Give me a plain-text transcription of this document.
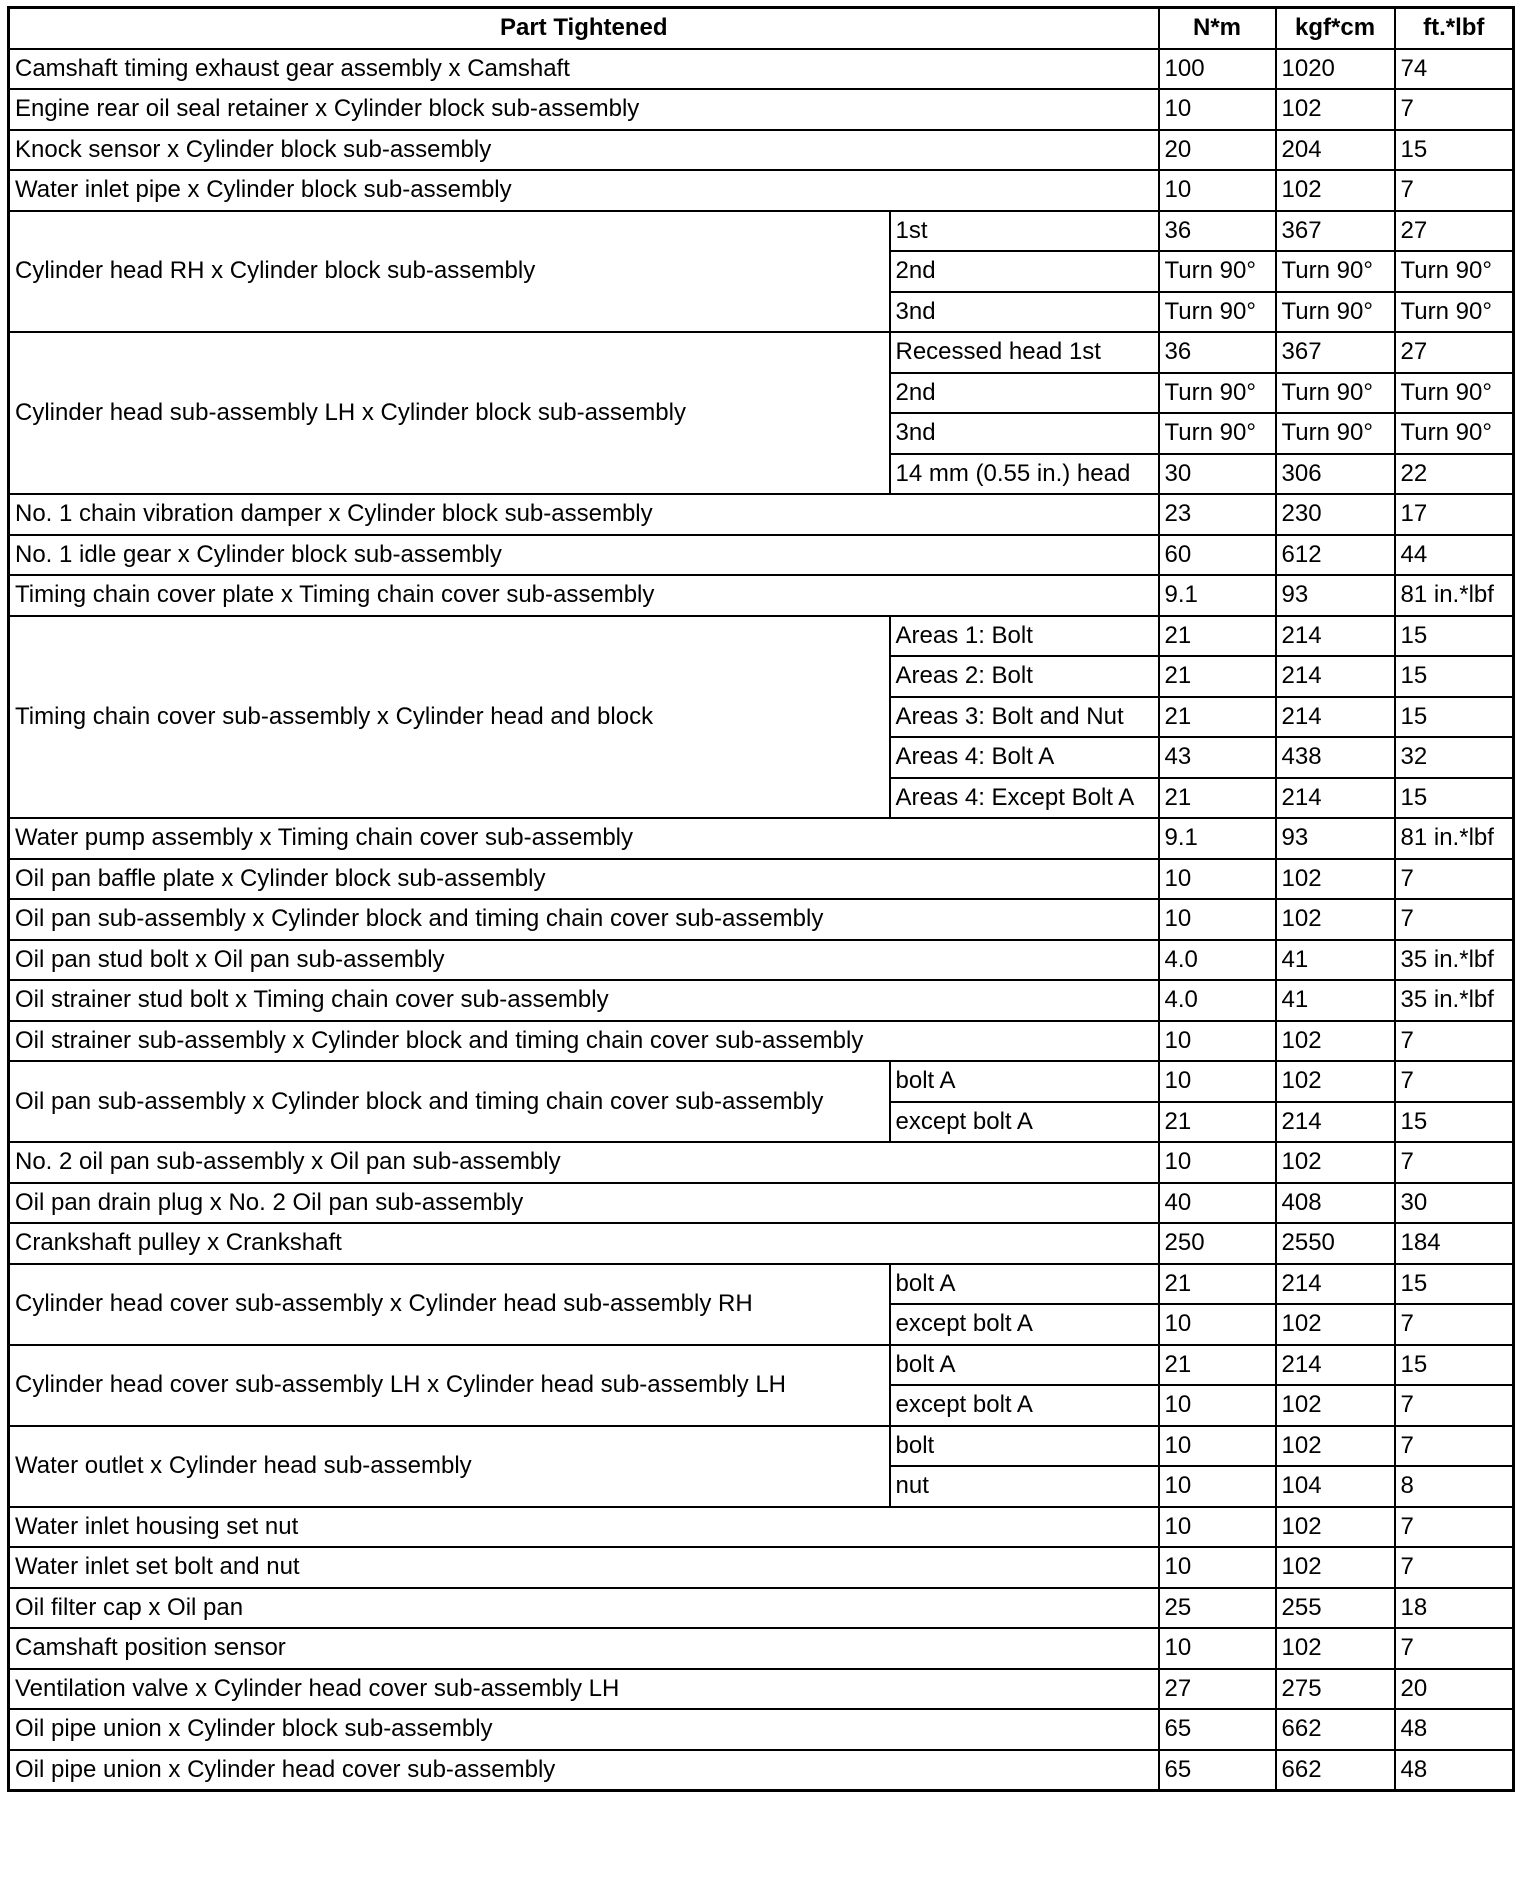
Part Tightened		N*m	kgf*cm	ft.*lbf
Camshaft timing exhaust gear assembly x Camshaft		100	1020	74
Engine rear oil seal retainer x Cylinder block sub-assembly		10	102	7
Knock sensor x Cylinder block sub-assembly		20	204	15
Water inlet pipe x Cylinder block sub-assembly		10	102	7
Cylinder head RH x Cylinder block sub-assembly	1st	36	367	27
	2nd	Turn 90°	Turn 90°	Turn 90°
	3nd	Turn 90°	Turn 90°	Turn 90°
Cylinder head sub-assembly LH x Cylinder block sub-assembly	Recessed head 1st	36	367	27
	2nd	Turn 90°	Turn 90°	Turn 90°
	3nd	Turn 90°	Turn 90°	Turn 90°
	14 mm (0.55 in.) head	30	306	22
No. 1 chain vibration damper x Cylinder block sub-assembly		23	230	17
No. 1 idle gear x Cylinder block sub-assembly		60	612	44
Timing chain cover plate x Timing chain cover sub-assembly		9.1	93	81 in.*lbf
Timing chain cover sub-assembly x Cylinder head and block	Areas 1: Bolt	21	214	15
	Areas 2: Bolt	21	214	15
	Areas 3: Bolt and Nut	21	214	15
	Areas 4: Bolt A	43	438	32
	Areas 4: Except Bolt A	21	214	15
Water pump assembly x Timing chain cover sub-assembly		9.1	93	81 in.*lbf
Oil pan baffle plate x Cylinder block sub-assembly		10	102	7
Oil pan sub-assembly x Cylinder block and timing chain cover sub-assembly		10	102	7
Oil pan stud bolt x Oil pan sub-assembly		4.0	41	35 in.*lbf
Oil strainer stud bolt x Timing chain cover sub-assembly		4.0	41	35 in.*lbf
Oil strainer sub-assembly x Cylinder block and timing chain cover sub-assembly		10	102	7
Oil pan sub-assembly x Cylinder block and timing chain cover sub-assembly	bolt A	10	102	7
	except bolt A	21	214	15
No. 2 oil pan sub-assembly x Oil pan sub-assembly		10	102	7
Oil pan drain plug x No. 2 Oil pan sub-assembly		40	408	30
Crankshaft pulley x Crankshaft		250	2550	184
Cylinder head cover sub-assembly x Cylinder head sub-assembly RH	bolt A	21	214	15
	except bolt A	10	102	7
Cylinder head cover sub-assembly LH x Cylinder head sub-assembly LH	bolt A	21	214	15
	except bolt A	10	102	7
Water outlet x Cylinder head sub-assembly	bolt	10	102	7
	nut	10	104	8
Water inlet housing set nut		10	102	7
Water inlet set bolt and nut		10	102	7
Oil filter cap x Oil pan		25	255	18
Camshaft position sensor		10	102	7
Ventilation valve x Cylinder head cover sub-assembly LH		27	275	20
Oil pipe union x Cylinder block sub-assembly		65	662	48
Oil pipe union x Cylinder head cover sub-assembly		65	662	48
